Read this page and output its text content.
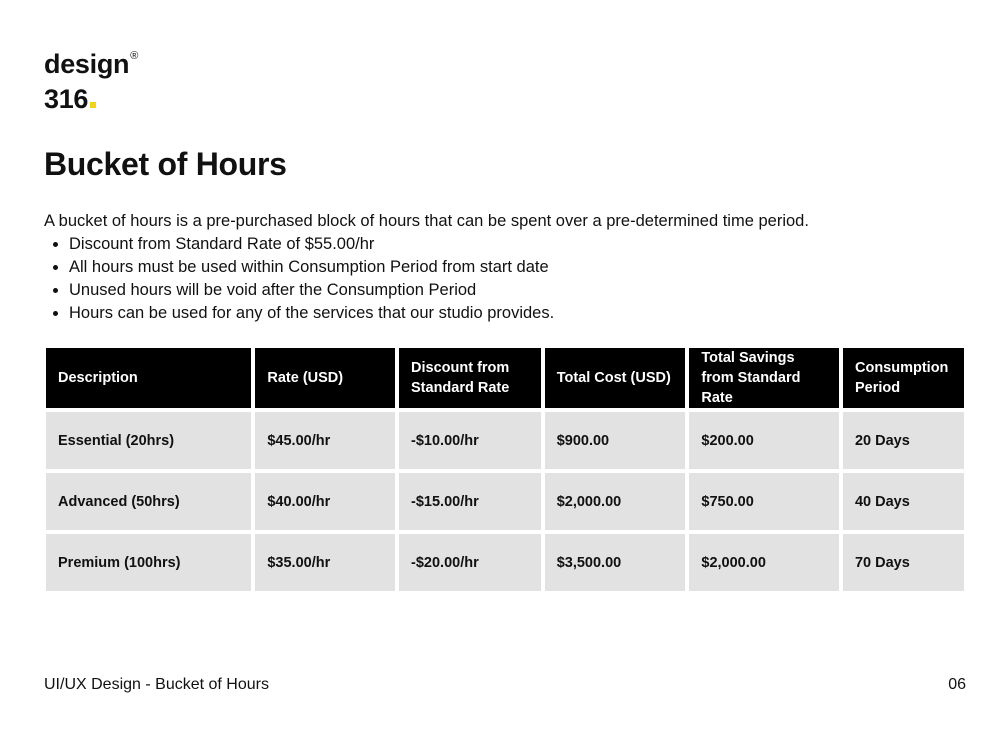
design®
316
Bucket of Hours

A bucket of hours is a pre-purchased block of hours that can be spent over a pre-determined time period.

• Discount from Standard Rate of $55.00/hr
• All hours must be used within Consumption Period from start date
• Unused hours will be void after the Consumption Period
• Hours can be used for any of the services that our studio provides.
Description	Rate (USD)	Discount from Standard Rate	Total Cost (USD)	Total Savings from Standard Rate	Consumption Period
Essential (20hrs)	$45.00/hr	-$10.00/hr	$900.00	$200.00	20 Days
Advanced (50hrs)	$40.00/hr	-$15.00/hr	$2,000.00	$750.00	40 Days
Premium (100hrs)	$35.00/hr	-$20.00/hr	$3,500.00	$2,000.00	70 Days
UI/UX Design - Bucket of Hours	06
